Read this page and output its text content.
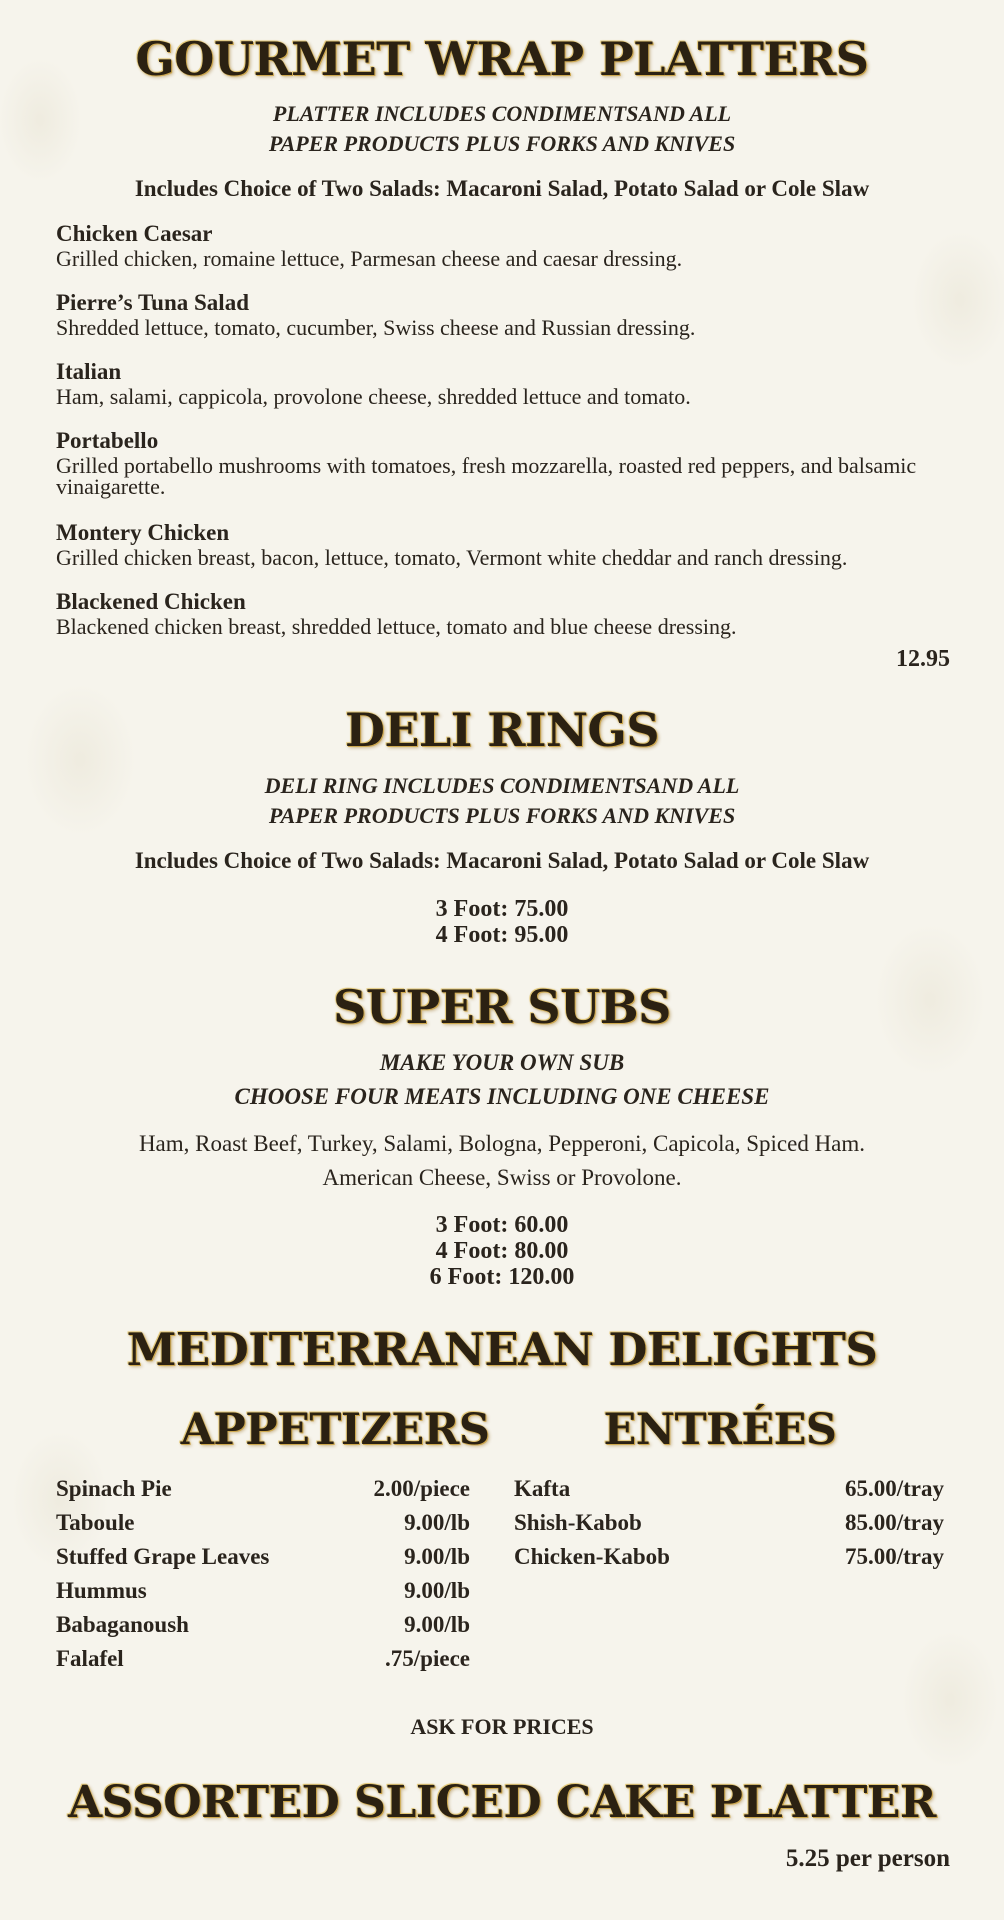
GOURMET WRAP PLATTERS
PLATTER INCLUDES CONDIMENTSAND ALL
PAPER PRODUCTS PLUS FORKS AND KNIVES
Includes Choice of Two Salads: Macaroni Salad, Potato Salad or Cole Slaw
Chicken Caesar
Grilled chicken, romaine lettuce, Parmesan cheese and caesar dressing.
Pierre’s Tuna Salad
Shredded lettuce, tomato, cucumber, Swiss cheese and Russian dressing.
Italian
Ham, salami, cappicola, provolone cheese, shredded lettuce and tomato.
Portabello
Grilled portabello mushrooms with tomatoes, fresh mozzarella, roasted red peppers, and balsamic vinaigarette.
Montery Chicken
Grilled chicken breast, bacon, lettuce, tomato, Vermont white cheddar and ranch dressing.
Blackened Chicken
Blackened chicken breast, shredded lettuce, tomato and blue cheese dressing.
12.95
DELI RINGS
DELI RING INCLUDES CONDIMENTSAND ALL
PAPER PRODUCTS PLUS FORKS AND KNIVES
Includes Choice of Two Salads: Macaroni Salad, Potato Salad or Cole Slaw
3 Foot: 75.00
4 Foot: 95.00
SUPER SUBS
MAKE YOUR OWN SUB
CHOOSE FOUR MEATS INCLUDING ONE CHEESE
Ham, Roast Beef, Turkey, Salami, Bologna, Pepperoni, Capicola, Spiced Ham.
American Cheese, Swiss or Provolone.
3 Foot: 60.00
4 Foot: 80.00
6 Foot: 120.00
MEDITERRANEAN DELIGHTS
APPETIZERS	ENTRÉES
Spinach Pie	2.00/piece
Taboule	9.00/lb
Stuffed Grape Leaves	9.00/lb
Hummus	9.00/lb
Babaganoush	9.00/lb
Falafel	.75/piece
Kafta	65.00/tray
Shish-Kabob	85.00/tray
Chicken-Kabob	75.00/tray
ASK FOR PRICES
ASSORTED SLICED CAKE PLATTER
5.25 per person
